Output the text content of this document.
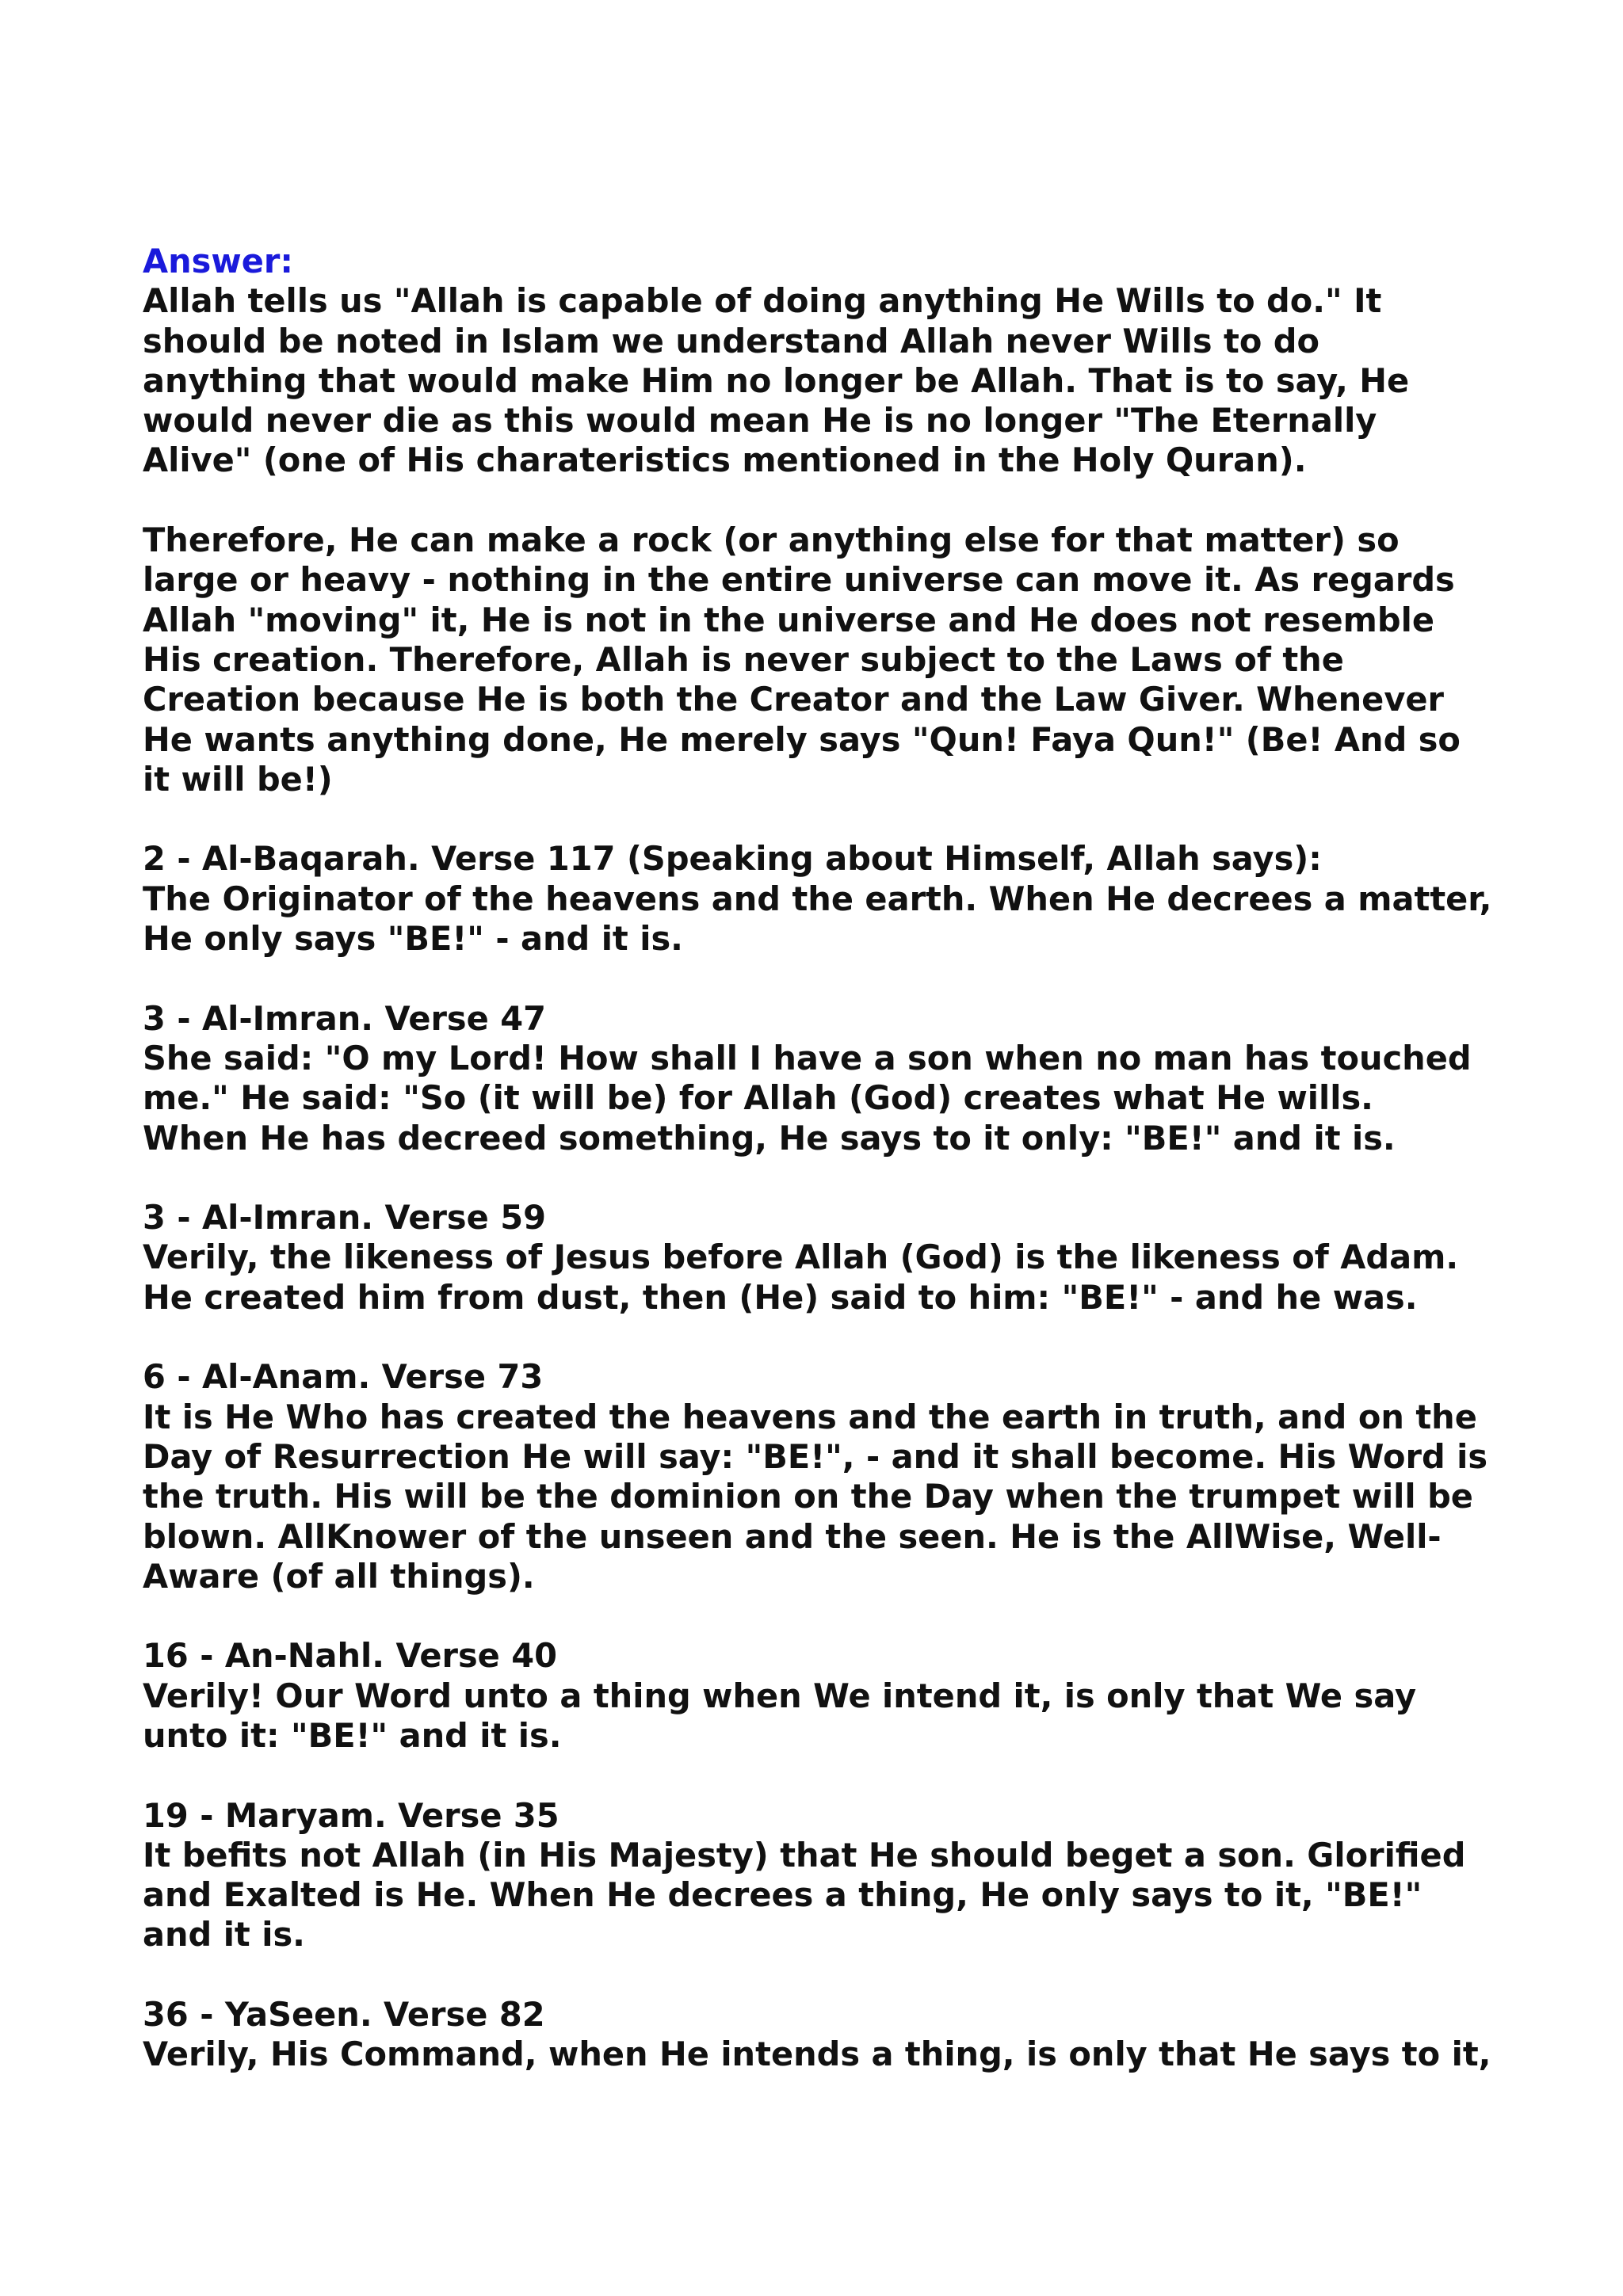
Answer:
Allah tells us "Allah is capable of doing anything He Wills to do." It
should be noted in Islam we understand Allah never Wills to do
anything that would make Him no longer be Allah. That is to say, He
would never die as this would mean He is no longer "The Eternally
Alive" (one of His charateristics mentioned in the Holy Quran).
Therefore, He can make a rock (or anything else for that matter) so
large or heavy - nothing in the entire universe can move it. As regards
Allah "moving" it, He is not in the universe and He does not resemble
His creation. Therefore, Allah is never subject to the Laws of the
Creation because He is both the Creator and the Law Giver. Whenever
He wants anything done, He merely says "Qun! Faya Qun!" (Be! And so
it will be!)
2 - Al-Baqarah. Verse 117 (Speaking about Himself, Allah says):
The Originator of the heavens and the earth. When He decrees a matter,
He only says "BE!" - and it is.
3 - Al-Imran. Verse 47
She said: "O my Lord! How shall I have a son when no man has touched
me." He said: "So (it will be) for Allah (God) creates what He wills.
When He has decreed something, He says to it only: "BE!" and it is.
3 - Al-Imran. Verse 59
Verily, the likeness of Jesus before Allah (God) is the likeness of Adam.
He created him from dust, then (He) said to him: "BE!" - and he was.
6 - Al-Anam. Verse 73
It is He Who has created the heavens and the earth in truth, and on the
Day of Resurrection He will say: "BE!", - and it shall become. His Word is
the truth. His will be the dominion on the Day when the trumpet will be
blown. AllKnower of the unseen and the seen. He is the AllWise, Well-
Aware (of all things).
16 - An-Nahl. Verse 40
Verily! Our Word unto a thing when We intend it, is only that We say
unto it: "BE!" and it is.
19 - Maryam. Verse 35
It befits not Allah (in His Majesty) that He should beget a son. Glorified
and Exalted is He. When He decrees a thing, He only says to it, "BE!"
and it is.
36 - YaSeen. Verse 82
Verily, His Command, when He intends a thing, is only that He says to it,
